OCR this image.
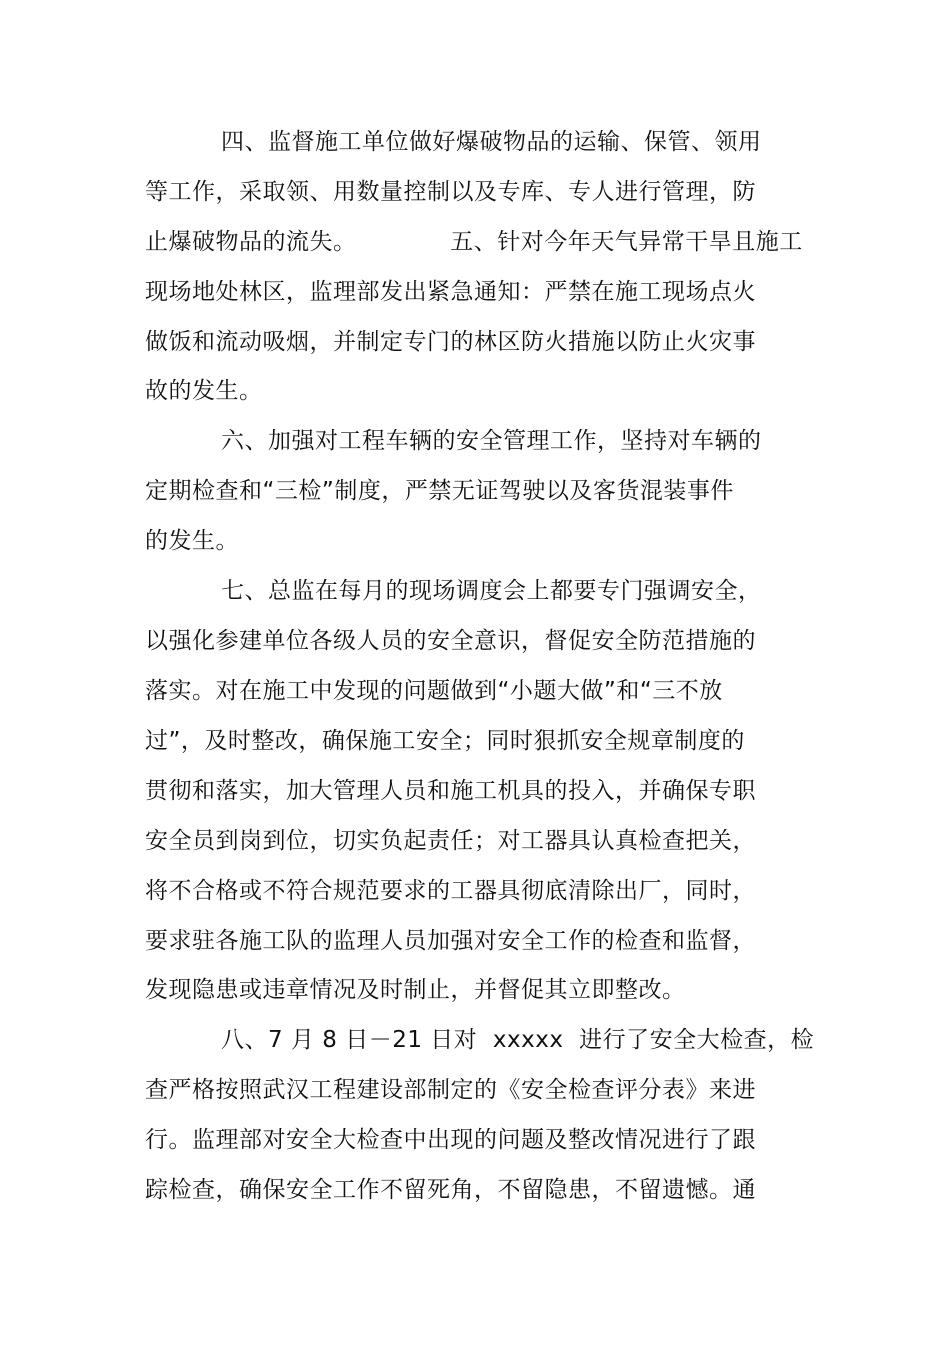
四、监督施工单位做好爆破物品的运输、保管、领用
等工作，采取领、用数量控制以及专库、专人进行管理，防
止爆破物品的流失。            五、针对今年天气异常干旱且施工
现场地处林区，监理部发出紧急通知：严禁在施工现场点火
做饭和流动吸烟，并制定专门的林区防火措施以防止火灾事
故的发生。
六、加强对工程车辆的安全管理工作，坚持对车辆的
定期检查和“三检”制度，严禁无证驾驶以及客货混装事件
的发生。
七、总监在每月的现场调度会上都要专门强调安全，
以强化参建单位各级人员的安全意识，督促安全防范措施的
落实。对在施工中发现的问题做到“小题大做”和“三不放
过”，及时整改，确保施工安全；同时狠抓安全规章制度的
贯彻和落实，加大管理人员和施工机具的投入，并确保专职
安全员到岗到位，切实负起责任；对工器具认真检查把关，
将不合格或不符合规范要求的工器具彻底清除出厂，同时，
要求驻各施工队的监理人员加强对安全工作的检查和监督，
发现隐患或违章情况及时制止，并督促其立即整改。
八、7 月 8 日－21 日对  xxxxx  进行了安全大检查，检
查严格按照武汉工程建设部制定的《安全检查评分表》来进
行。监理部对安全大检查中出现的问题及整改情况进行了跟
踪检查，确保安全工作不留死角，不留隐患，不留遗憾。通
